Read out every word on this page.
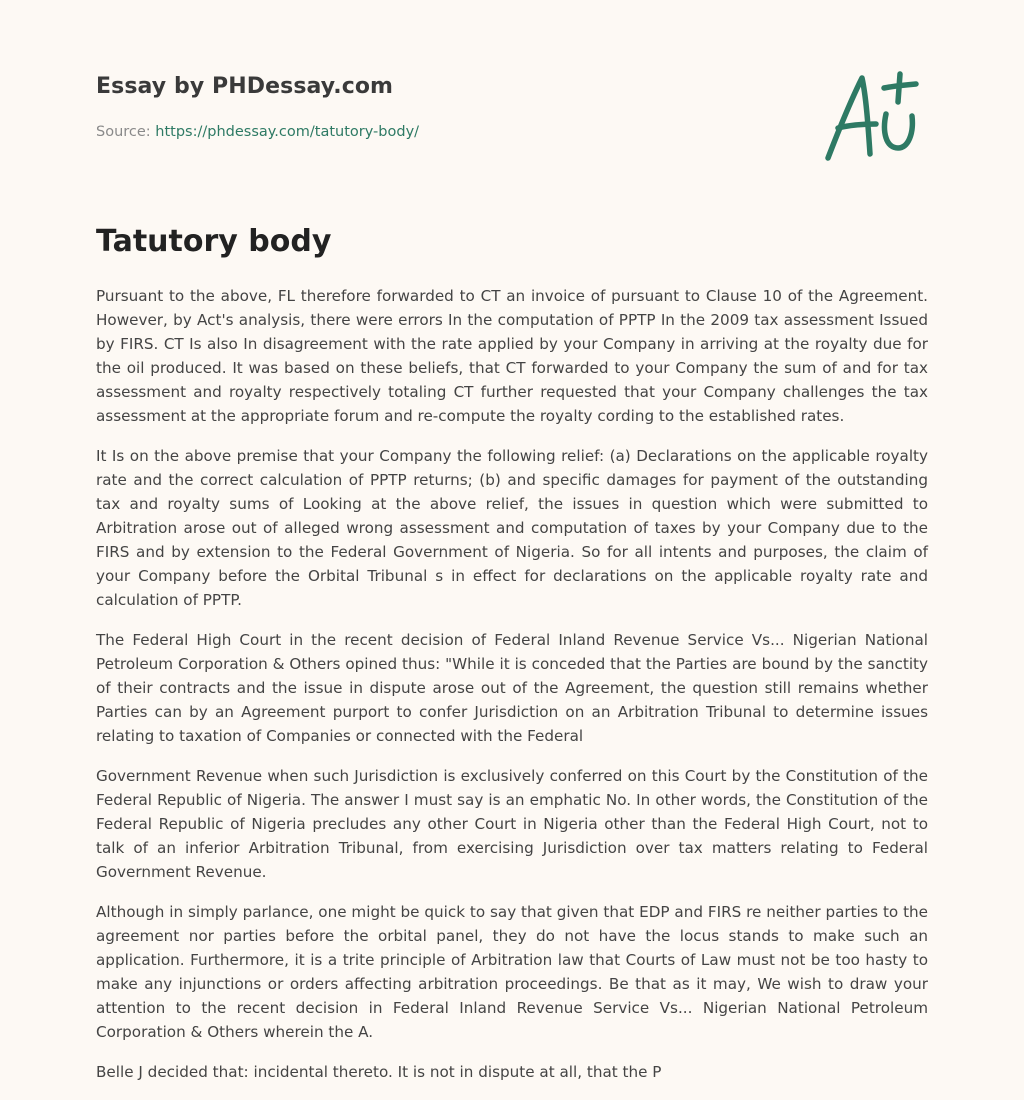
Essay by PHDessay.com
Source: https://phdessay.com/tatutory-body/
Tatutory body

Pursuant to the above, FL therefore forwarded to CT an invoice of pursuant to Clause 10 of the Agreement. However, by Act's analysis, there were errors In the computation of PPTP In the 2009 tax assessment Issued by FIRS. CT Is also In disagreement with the rate applied by your Company in arriving at the royalty due for the oil produced. It was based on these beliefs, that CT forwarded to your Company the sum of and for tax assessment and royalty respectively totaling CT further requested that your Company challenges the tax assessment at the appropriate forum and re-compute the royalty cording to the established rates.

It Is on the above premise that your Company the following relief: (a) Declarations on the applicable royalty rate and the correct calculation of PPTP returns; (b) and specific damages for payment of the outstanding tax and royalty sums of Looking at the above relief, the issues in question which were submitted to Arbitration arose out of alleged wrong assessment and computation of taxes by your Company due to the FIRS and by extension to the Federal Government of Nigeria. So for all intents and purposes, the claim of your Company before the Orbital Tribunal s in effect for declarations on the applicable royalty rate and calculation of PPTP.

The Federal High Court in the recent decision of Federal Inland Revenue Service Vs... Nigerian National Petroleum Corporation & Others opined thus: "While it is conceded that the Parties are bound by the sanctity of their contracts and the issue in dispute arose out of the Agreement, the question still remains whether Parties can by an Agreement purport to confer Jurisdiction on an Arbitration Tribunal to determine issues relating to taxation of Companies or connected with the Federal

Government Revenue when such Jurisdiction is exclusively conferred on this Court by the Constitution of the Federal Republic of Nigeria. The answer I must say is an emphatic No. In other words, the Constitution of the Federal Republic of Nigeria precludes any other Court in Nigeria other than the Federal High Court, not to talk of an inferior Arbitration Tribunal, from exercising Jurisdiction over tax matters relating to Federal Government Revenue.

Although in simply parlance, one might be quick to say that given that EDP and FIRS re neither parties to the agreement nor parties before the orbital panel, they do not have the locus stands to make such an application. Furthermore, it is a trite principle of Arbitration law that Courts of Law must not be too hasty to make any injunctions or orders affecting arbitration proceedings. Be that as it may, We wish to draw your attention to the recent decision in Federal Inland Revenue Service Vs... Nigerian National Petroleum Corporation & Others wherein the A.

Belle J decided that: incidental thereto. It is not in dispute at all, that the P
